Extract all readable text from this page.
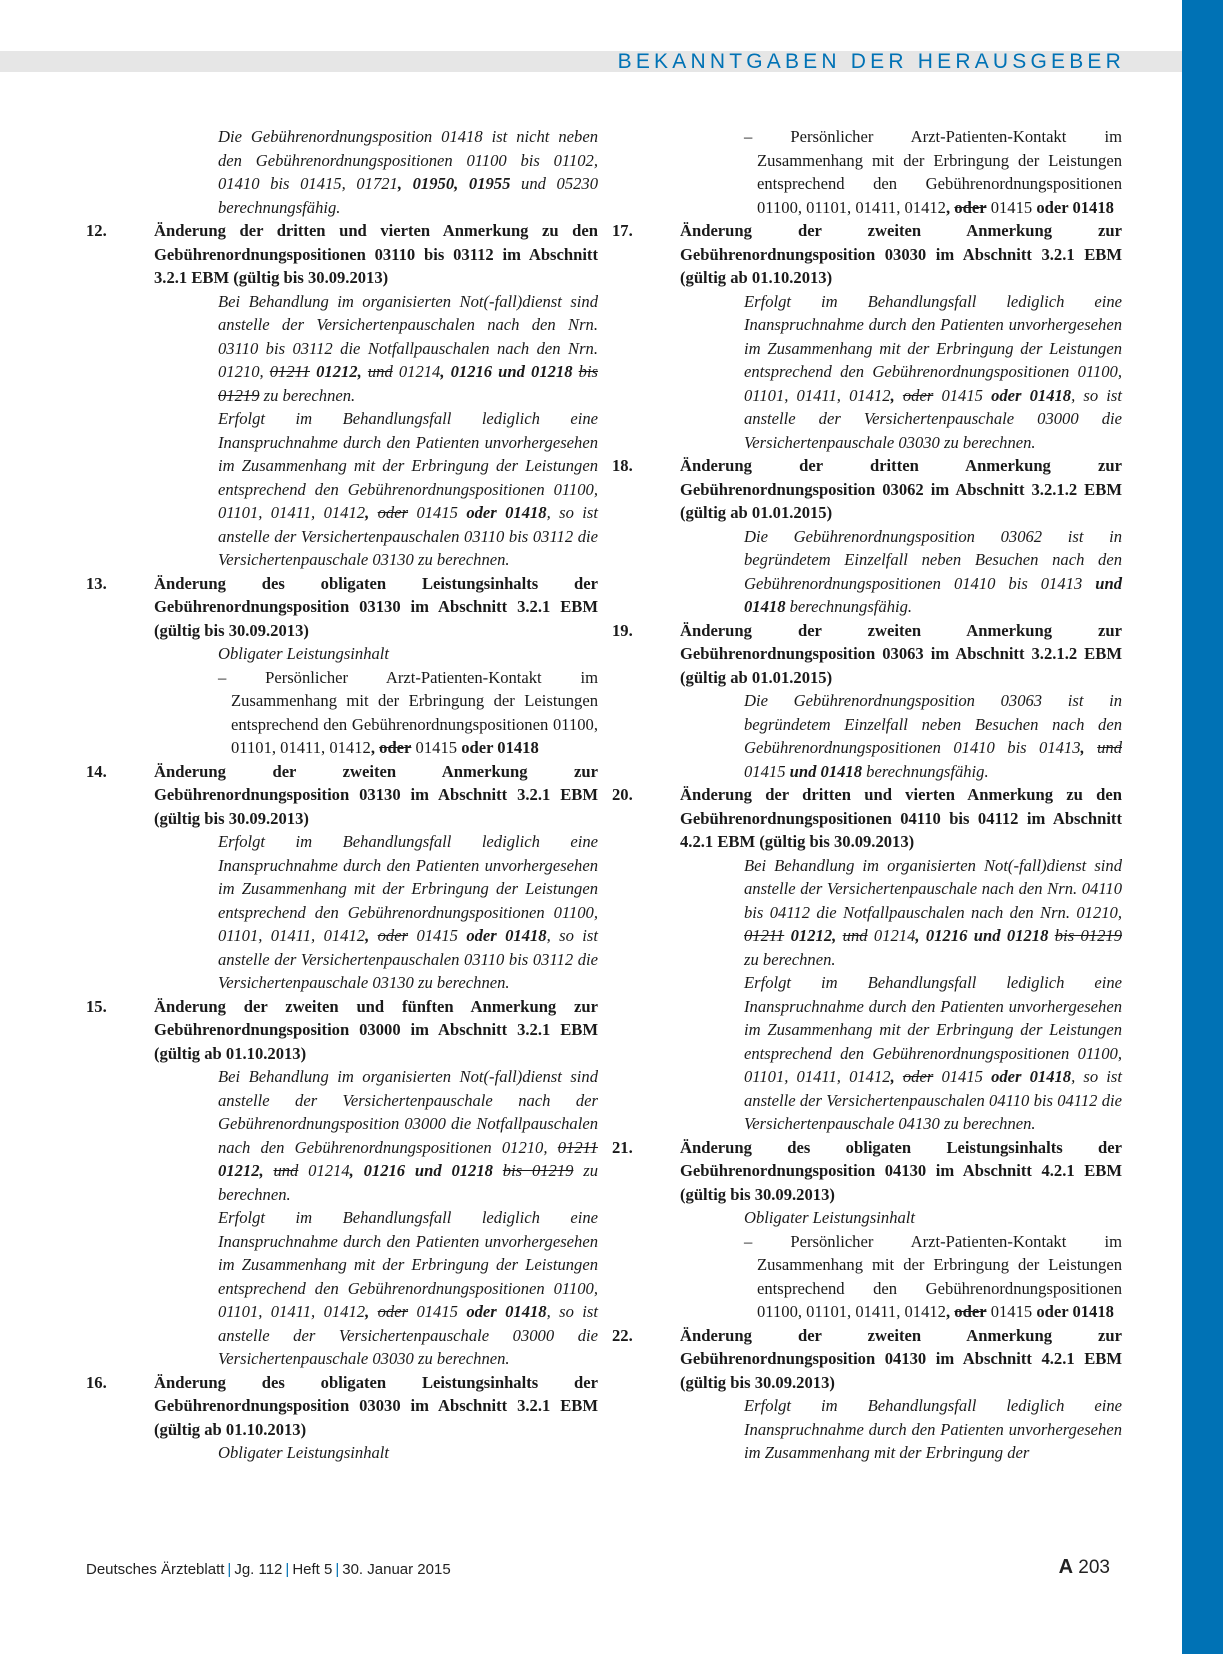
BEKANNTGABEN DER HERAUSGEBER
Die Gebührenordnungsposition 01418 ist nicht neben den Gebührenordnungspositionen 01100 bis 01102, 01410 bis 01415, 01721, 01950, 01955 und 05230 berechnungsfähig.
12.	Änderung der dritten und vierten Anmerkung zu den Gebührenordnungspositionen 03110 bis 03112 im Abschnitt 3.2.1 EBM (gültig bis 30.09.2013)
Bei Behandlung im organisierten Not(-fall)dienst sind anstelle der Versichertenpauschalen nach den Nrn. 03110 bis 03112 die Notfallpauschalen nach den Nrn. 01210, 01211 01212, und 01214, 01216 und 01218 bis 01219 zu berechnen.
Erfolgt im Behandlungsfall lediglich eine Inanspruchnahme durch den Patienten unvorhergesehen im Zusammenhang mit der Erbringung der Leistungen entsprechend den Gebührenordnungspositionen 01100, 01101, 01411, 01412, oder 01415 oder 01418, so ist anstelle der Versichertenpauschalen 03110 bis 03112 die Versichertenpauschale 03130 zu berechnen.
13.	Änderung des obligaten Leistungsinhalts der Gebührenordnungsposition 03130 im Abschnitt 3.2.1 EBM (gültig bis 30.09.2013)
Obligater Leistungsinhalt
– Persönlicher Arzt-Patienten-Kontakt im Zusammenhang mit der Erbringung der Leistungen entsprechend den Gebührenordnungspositionen 01100, 01101, 01411, 01412, oder 01415 oder 01418
14.	Änderung der zweiten Anmerkung zur Gebührenordnungsposition 03130 im Abschnitt 3.2.1 EBM (gültig bis 30.09.2013)
Erfolgt im Behandlungsfall lediglich eine Inanspruchnahme durch den Patienten unvorhergesehen im Zusammenhang mit der Erbringung der Leistungen entsprechend den Gebührenordnungspositionen 01100, 01101, 01411, 01412, oder 01415 oder 01418, so ist anstelle der Versichertenpauschalen 03110 bis 03112 die Versichertenpauschale 03130 zu berechnen.
15.	Änderung der zweiten und fünften Anmerkung zur Gebührenordnungsposition 03000 im Abschnitt 3.2.1 EBM (gültig ab 01.10.2013)
Bei Behandlung im organisierten Not(-fall)dienst sind anstelle der Versichertenpauschale nach der Gebührenordnungsposition 03000 die Notfallpauschalen nach den Gebührenordnungspositionen 01210, 01211 01212, und 01214, 01216 und 01218 bis 01219 zu berechnen.
Erfolgt im Behandlungsfall lediglich eine Inanspruchnahme durch den Patienten unvorhergesehen im Zusammenhang mit der Erbringung der Leistungen entsprechend den Gebührenordnungspositionen 01100, 01101, 01411, 01412, oder 01415 oder 01418, so ist anstelle der Versichertenpauschale 03000 die Versichertenpauschale 03030 zu berechnen.
16.	Änderung des obligaten Leistungsinhalts der Gebührenordnungsposition 03030 im Abschnitt 3.2.1 EBM (gültig ab 01.10.2013)
Obligater Leistungsinhalt
– Persönlicher Arzt-Patienten-Kontakt im Zusammenhang mit der Erbringung der Leistungen entsprechend den Gebührenordnungspositionen 01100, 01101, 01411, 01412, oder 01415 oder 01418
17.	Änderung der zweiten Anmerkung zur Gebührenordnungsposition 03030 im Abschnitt 3.2.1 EBM (gültig ab 01.10.2013)
Erfolgt im Behandlungsfall lediglich eine Inanspruchnahme durch den Patienten unvorhergesehen im Zusammenhang mit der Erbringung der Leistungen entsprechend den Gebührenordnungspositionen 01100, 01101, 01411, 01412, oder 01415 oder 01418, so ist anstelle der Versichertenpauschale 03000 die Versichertenpauschale 03030 zu berechnen.
18.	Änderung der dritten Anmerkung zur Gebührenordnungsposition 03062 im Abschnitt 3.2.1.2 EBM (gültig ab 01.01.2015)
Die Gebührenordnungsposition 03062 ist in begründetem Einzelfall neben Besuchen nach den Gebührenordnungspositionen 01410 bis 01413 und 01418 berechnungsfähig.
19.	Änderung der zweiten Anmerkung zur Gebührenordnungsposition 03063 im Abschnitt 3.2.1.2 EBM (gültig ab 01.01.2015)
Die Gebührenordnungsposition 03063 ist in begründetem Einzelfall neben Besuchen nach den Gebührenordnungspositionen 01410 bis 01413, und 01415 und 01418 berechnungsfähig.
20.	Änderung der dritten und vierten Anmerkung zu den Gebührenordnungspositionen 04110 bis 04112 im Abschnitt 4.2.1 EBM (gültig bis 30.09.2013)
Bei Behandlung im organisierten Not(-fall)dienst sind anstelle der Versichertenpauschale nach den Nrn. 04110 bis 04112 die Notfallpauschalen nach den Nrn. 01210, 01211 01212, und 01214, 01216 und 01218 bis 01219 zu berechnen.
Erfolgt im Behandlungsfall lediglich eine Inanspruchnahme durch den Patienten unvorhergesehen im Zusammenhang mit der Erbringung der Leistungen entsprechend den Gebührenordnungspositionen 01100, 01101, 01411, 01412, oder 01415 oder 01418, so ist anstelle der Versichertenpauschalen 04110 bis 04112 die Versichertenpauschale 04130 zu berechnen.
21.	Änderung des obligaten Leistungsinhalts der Gebührenordnungsposition 04130 im Abschnitt 4.2.1 EBM (gültig bis 30.09.2013)
Obligater Leistungsinhalt
– Persönlicher Arzt-Patienten-Kontakt im Zusammenhang mit der Erbringung der Leistungen entsprechend den Gebührenordnungspositionen 01100, 01101, 01411, 01412, oder 01415 oder 01418
22.	Änderung der zweiten Anmerkung zur Gebührenordnungsposition 04130 im Abschnitt 4.2.1 EBM (gültig bis 30.09.2013)
Erfolgt im Behandlungsfall lediglich eine Inanspruchnahme durch den Patienten unvorhergesehen im Zusammenhang mit der Erbringung der
Deutsches Ärzteblatt | Jg. 112 | Heft 5 | 30. Januar 2015	A 203
